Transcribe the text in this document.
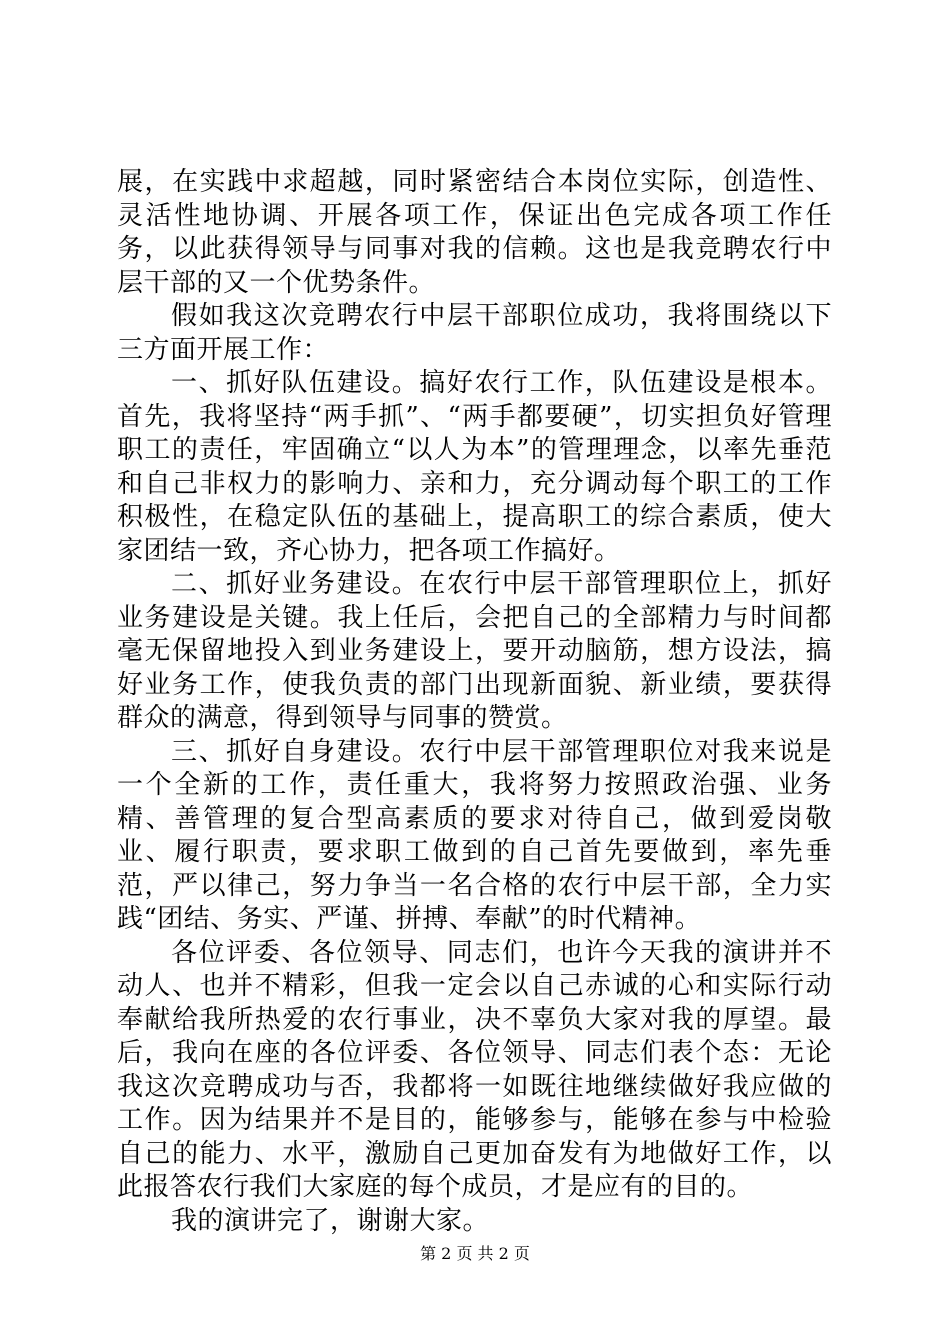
展，在实践中求超越，同时紧密结合本岗位实际，创造性、灵活性地协调、开展各项工作，保证出色完成各项工作任务，以此获得领导与同事对我的信赖。这也是我竞聘农行中层干部的又一个优势条件。

假如我这次竞聘农行中层干部职位成功，我将围绕以下三方面开展工作：

一、抓好队伍建设。搞好农行工作，队伍建设是根本。首先，我将坚持“两手抓”、“两手都要硬”，切实担负好管理职工的责任，牢固确立“以人为本”的管理理念，以率先垂范和自己非权力的影响力、亲和力，充分调动每个职工的工作积极性，在稳定队伍的基础上，提高职工的综合素质，使大家团结一致，齐心协力，把各项工作搞好。

二、抓好业务建设。在农行中层干部管理职位上，抓好业务建设是关键。我上任后，会把自己的全部精力与时间都毫无保留地投入到业务建设上，要开动脑筋，想方设法，搞好业务工作，使我负责的部门出现新面貌、新业绩，要获得群众的满意，得到领导与同事的赞赏。

三、抓好自身建设。农行中层干部管理职位对我来说是一个全新的工作，责任重大，我将努力按照政治强、业务精、善管理的复合型高素质的要求对待自己，做到爱岗敬业、履行职责，要求职工做到的自己首先要做到，率先垂范，严以律己，努力争当一名合格的农行中层干部，全力实践“团结、务实、严谨、拼搏、奉献”的时代精神。

各位评委、各位领导、同志们，也许今天我的演讲并不动人、也并不精彩，但我一定会以自己赤诚的心和实际行动奉献给我所热爱的农行事业，决不辜负大家对我的厚望。最后，我向在座的各位评委、各位领导、同志们表个态：无论我这次竞聘成功与否，我都将一如既往地继续做好我应做的工作。因为结果并不是目的，能够参与，能够在参与中检验自己的能力、水平，激励自己更加奋发有为地做好工作，以此报答农行我们大家庭的每个成员，才是应有的目的。

我的演讲完了，谢谢大家。

第 2 页 共 2 页
